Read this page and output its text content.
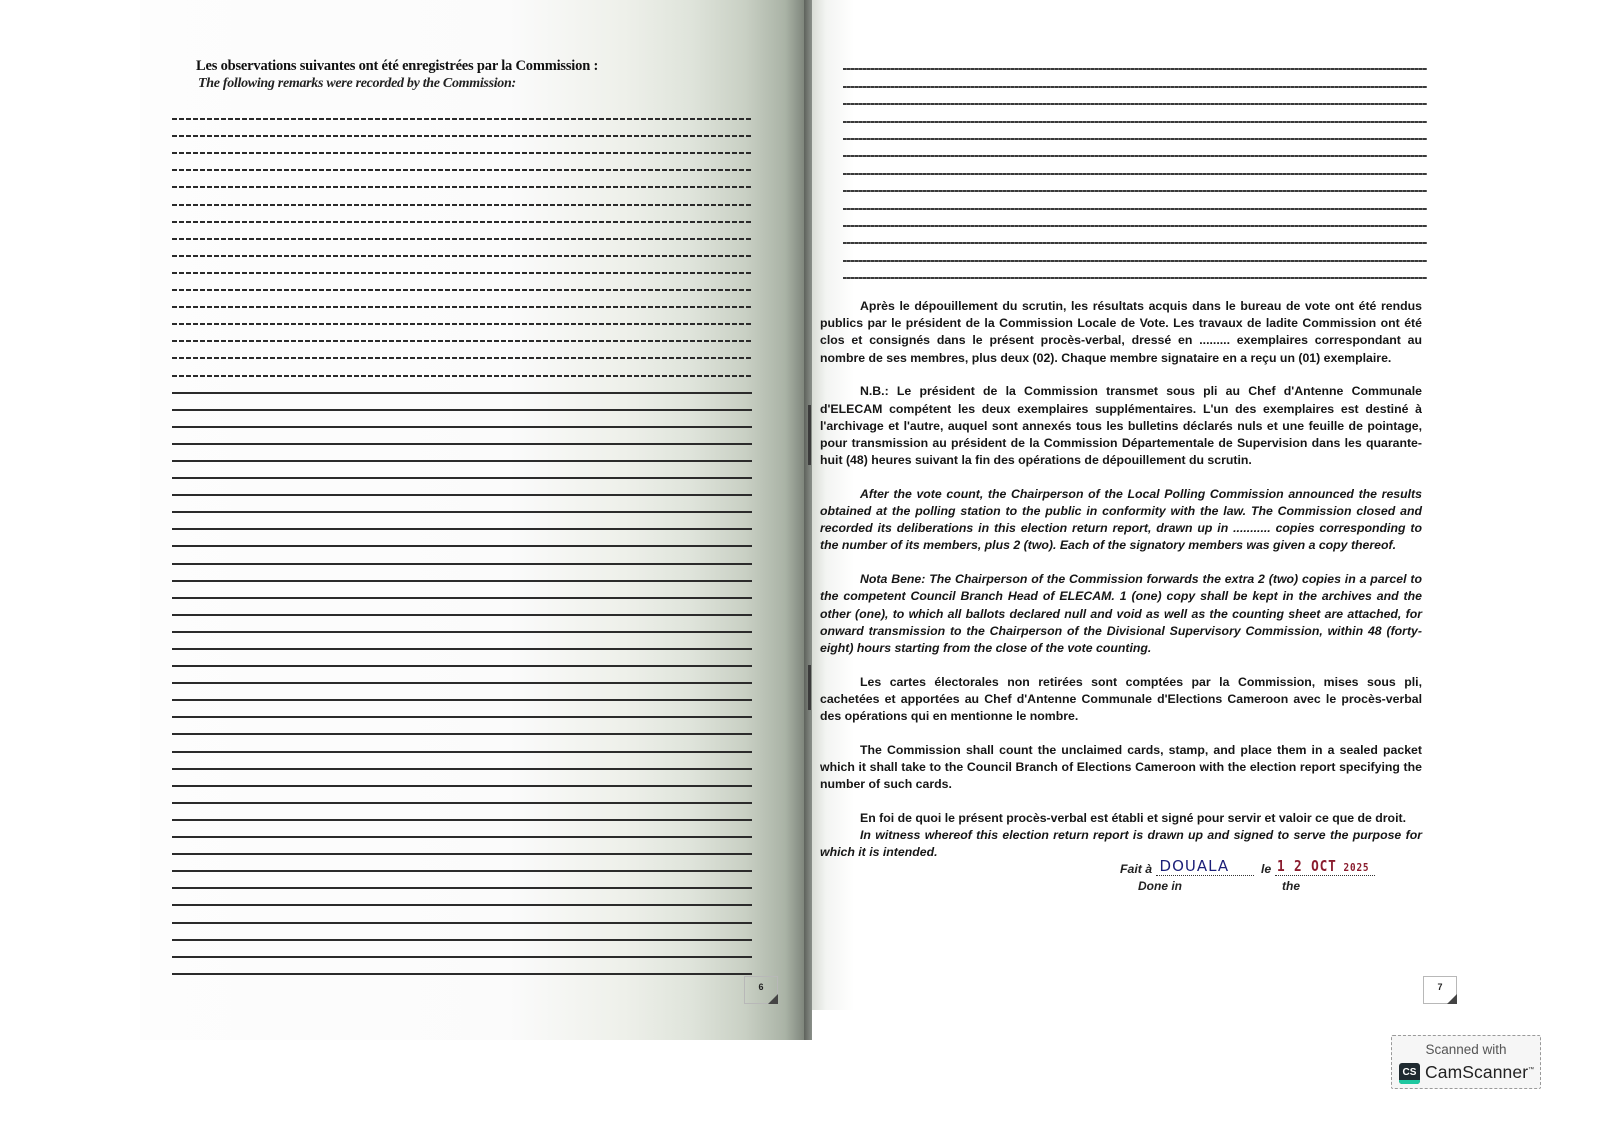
Les observations suivantes ont été enregistrées par la Commission :
The following remarks were recorded by the Commission:
6

Après le dépouillement du scrutin, les résultats acquis dans le bureau de vote ont été rendus publics par le président de la Commission Locale de Vote. Les travaux de ladite Commission ont été clos et consignés dans le présent procès-verbal, dressé en ......... exemplaires correspondant au nombre de ses membres, plus deux (02). Chaque membre signataire en a reçu un (01) exemplaire.

N.B.: Le président de la Commission transmet sous pli au Chef d'Antenne Communale d'ELECAM compétent les deux exemplaires supplémentaires. L'un des exemplaires est destiné à l'archivage et l'autre, auquel sont annexés tous les bulletins déclarés nuls et une feuille de pointage, pour transmission au président de la Commission Départementale de Supervision dans les quarante-huit (48) heures suivant la fin des opérations de dépouillement du scrutin.

After the vote count, the Chairperson of the Local Polling Commission announced the results obtained at the polling station to the public in conformity with the law. The Commission closed and recorded its deliberations in this election return report, drawn up in ........... copies corresponding to the number of its members, plus 2 (two). Each of the signatory members was given a copy thereof.

Nota Bene: The Chairperson of the Commission forwards the extra 2 (two) copies in a parcel to the competent Council Branch Head of ELECAM. 1 (one) copy shall be kept in the archives and the other (one), to which all ballots declared null and void as well as the counting sheet are attached, for onward transmission to the Chairperson of the Divisional Supervisory Commission, within 48 (forty-eight) hours starting from the close of the vote counting.

Les cartes électorales non retirées sont comptées par la Commission, mises sous pli, cachetées et apportées au Chef d'Antenne Communale d'Elections Cameroon avec le procès-verbal des opérations qui en mentionne le nombre.

The Commission shall count the unclaimed cards, stamp, and place them in a sealed packet which it shall take to the Council Branch of Elections Cameroon with the election report specifying the number of such cards.

En foi de quoi le présent procès-verbal est établi et signé pour servir et valoir ce que de droit.

In witness whereof this election return report is drawn up and signed to serve the purpose for which it is intended.

Fait à DOUALA	le 1 2 OCT 2025
Done in	the
7
Scanned with
CS CamScanner™
